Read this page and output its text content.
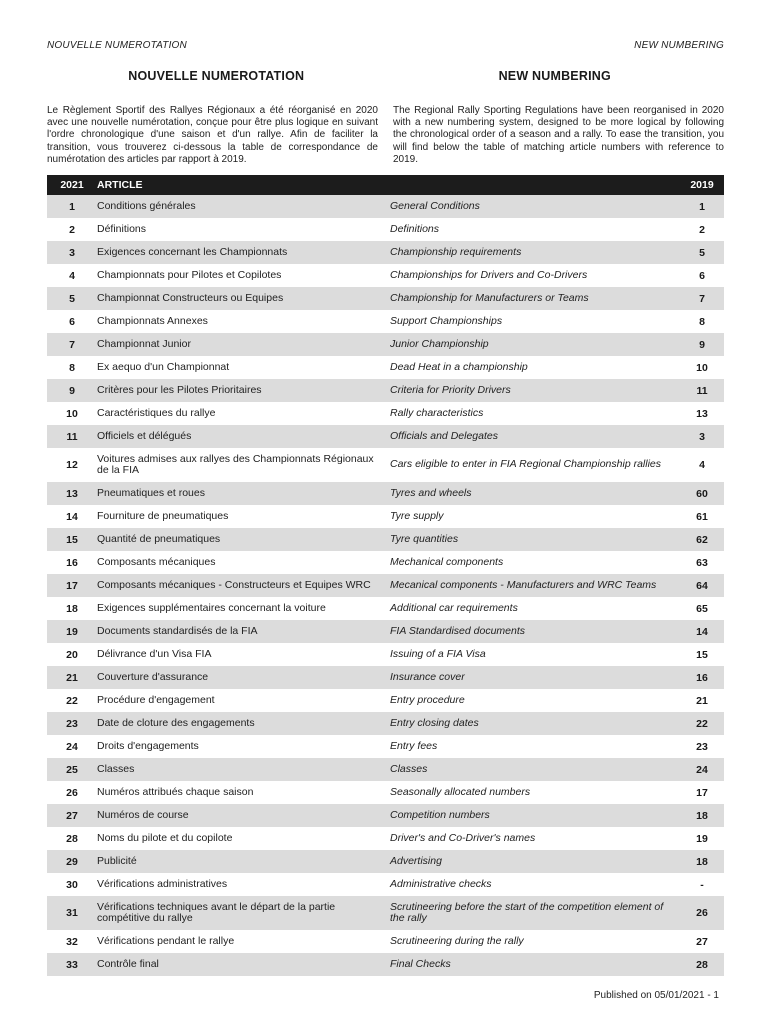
NOUVELLE NUMEROTATION	NEW NUMBERING
NOUVELLE NUMEROTATION	NEW NUMBERING

Le Règlement Sportif des Rallyes Régionaux a été réorganisé en 2020 avec une nouvelle numérotation, conçue pour être plus logique en suivant l'ordre chronologique d'une saison et d'un rallye. Afin de faciliter la transition, vous trouverez ci-dessous la table de correspondance de numérotation des articles par rapport à 2019.

The Regional Rally Sporting Regulations have been reorganised in 2020 with a new numbering system, designed to be more logical by following the chronological order of a season and a rally. To ease the transition, you will find below the table of matching article numbers with reference to 2019.

2021	ARTICLE		2019
1	Conditions générales	General Conditions	1
2	Définitions	Definitions	2
3	Exigences concernant les Championnats	Championship requirements	5
4	Championnats pour Pilotes et Copilotes	Championships for Drivers and Co-Drivers	6
5	Championnat Constructeurs ou Equipes	Championship for Manufacturers or Teams	7
6	Championnats Annexes	Support Championships	8
7	Championnat Junior	Junior Championship	9
8	Ex aequo d'un Championnat	Dead Heat in a championship	10
9	Critères pour les Pilotes Prioritaires	Criteria for Priority Drivers	11
10	Caractéristiques du rallye	Rally characteristics	13
11	Officiels et délégués	Officials and Delegates	3
12	Voitures admises aux rallyes des Championnats Régionaux de la FIA	Cars eligible to enter in FIA Regional Championship rallies	4
13	Pneumatiques et roues	Tyres and wheels	60
14	Fourniture de pneumatiques	Tyre supply	61
15	Quantité de pneumatiques	Tyre quantities	62
16	Composants mécaniques	Mechanical components	63
17	Composants mécaniques - Constructeurs et Equipes WRC	Mecanical components - Manufacturers and WRC Teams	64
18	Exigences supplémentaires concernant la voiture	Additional car requirements	65
19	Documents standardisés de la FIA	FIA Standardised documents	14
20	Délivrance d'un Visa FIA	Issuing of a FIA Visa	15
21	Couverture d'assurance	Insurance cover	16
22	Procédure d'engagement	Entry procedure	21
23	Date de cloture des engagements	Entry closing dates	22
24	Droits d'engagements	Entry fees	23
25	Classes	Classes	24
26	Numéros attribués chaque saison	Seasonally allocated numbers	17
27	Numéros de course	Competition numbers	18
28	Noms du pilote et du copilote	Driver's and Co-Driver's names	19
29	Publicité	Advertising	18
30	Vérifications administratives	Administrative checks	-
31	Vérifications techniques avant le départ de la partie compétitive du rallye	Scrutineering before the start of the competition element of the rally	26
32	Vérifications pendant le rallye	Scrutineering during the rally	27
33	Contrôle final	Final Checks	28
Published on 05/01/2021 - 1
